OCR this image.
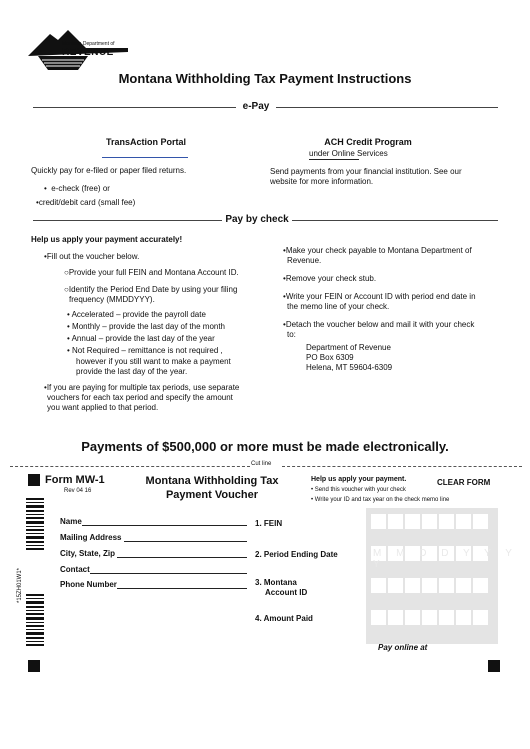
Montana Department of
REVENUE
Montana Withholding Tax Payment Instructions
e-Pay
TransAction Portal
Quickly pay for e-filed or paper filed returns.
•  e-check (free) or
•credit/debit card (small fee)
ACH Credit Program
under Online Services
Send payments from your financial institution. See our
website for more information.
Pay by check
Help us apply your payment accurately!
•Fill out the voucher below.
○Provide your full FEIN and Montana Account ID.
○Identify the Period End Date by using your filing
frequency (MMDDYYY).
• Accelerated – provide the payroll date
• Monthly – provide the last day of the month
• Annual – provide the last day of the year
• Not Required – remittance is not required ,
however if you still want to make a payment
provide the last day of the year.
•If you are paying for multiple tax periods, use separate
vouchers for each tax period and specify the amount
you want applied to that period.
•Make your check payable to Montana Department of
Revenue.
•Remove your check stub.
•Write your FEIN or Account ID with period end date in
the memo line of your check.
•Detach the voucher below and mail it with your check
to:
Department of Revenue
PO Box 6309
Helena, MT 59604-6309
Payments of $500,000 or more must be made electronically.
Cut line
Form MW-1
Rev 04 16
Montana Withholding Tax
Payment Voucher
Help us apply your payment.
• Send this voucher with your check
• Write your ID and tax year on the check memo line
CLEAR FORM
*15ZH01W1*
Name
Mailing Address
City, State, Zip
Contact
Phone Number
1. FEIN
2. Period Ending Date
3. Montana
Account ID
4. Amount Paid
M M D D Y Y Y Y
Pay online at
